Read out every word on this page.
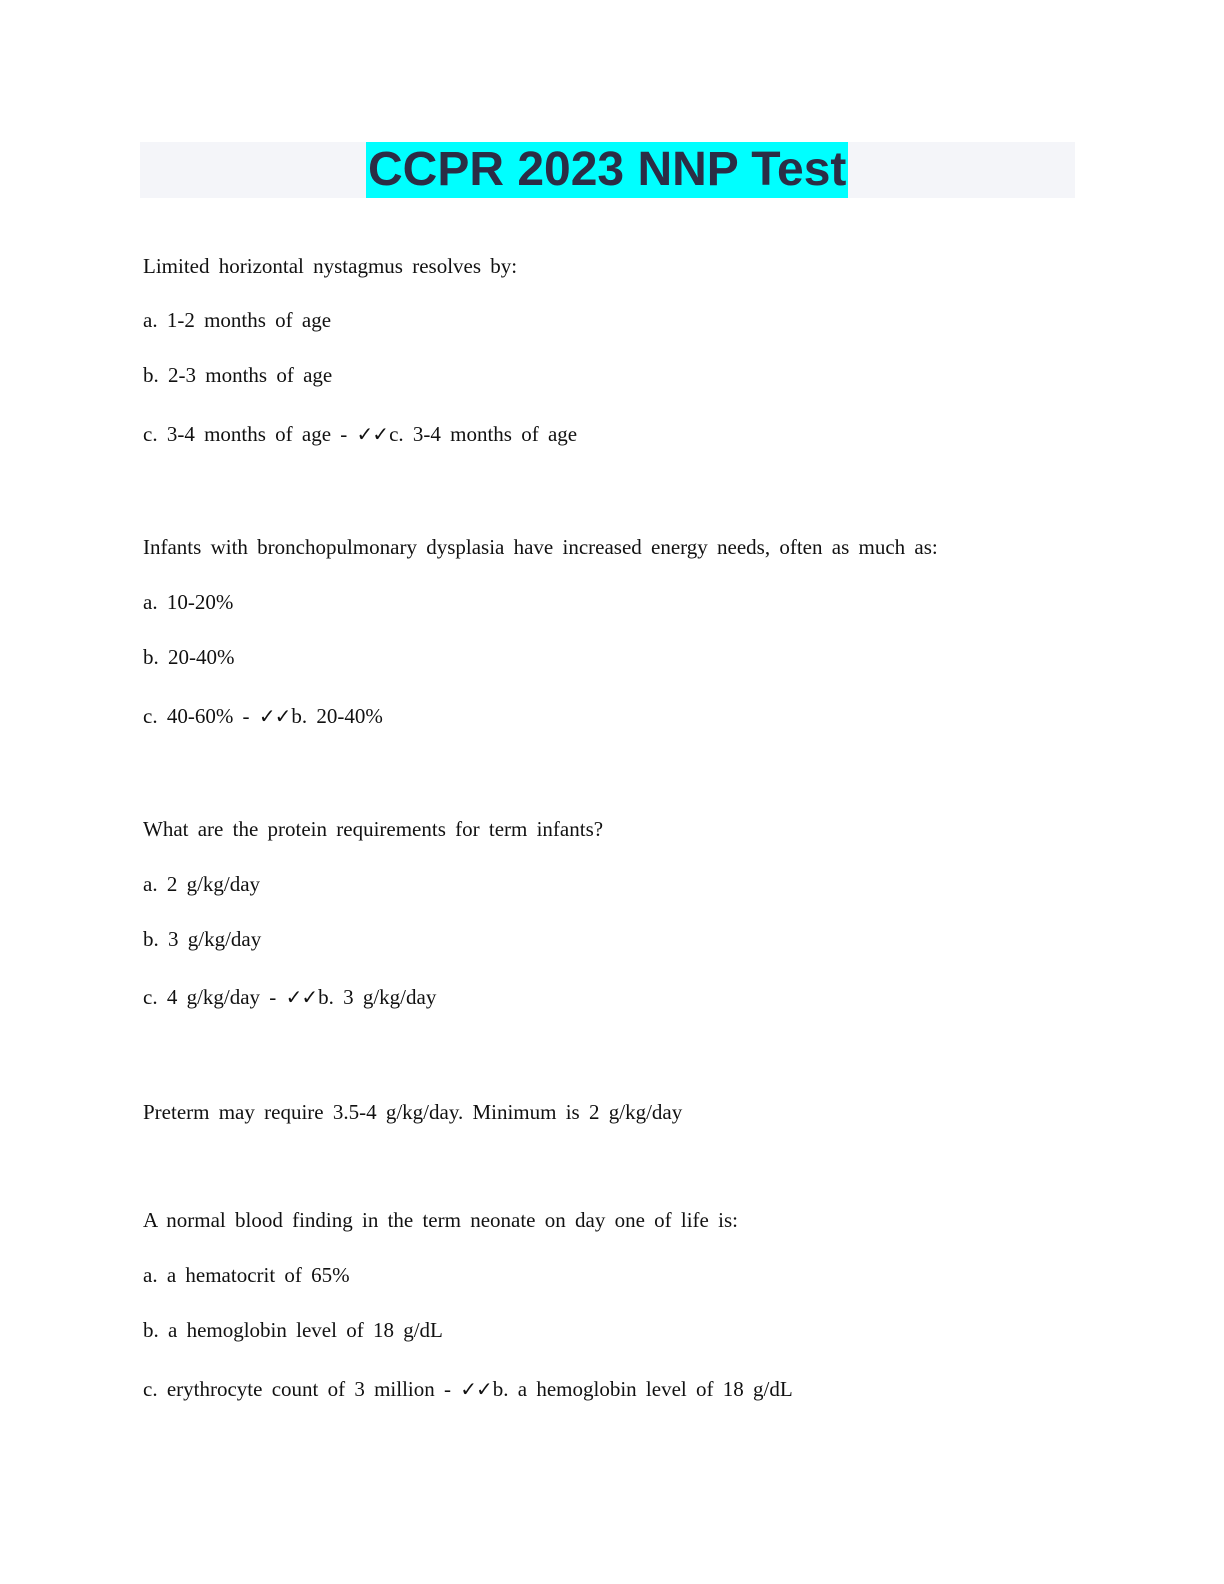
CCPR 2023 NNP Test
Limited horizontal nystagmus resolves by:
a. 1-2 months of age
b. 2-3 months of age
c. 3-4 months of age - ✓✓c. 3-4 months of age
Infants with bronchopulmonary dysplasia have increased energy needs, often as much as:
a. 10-20%
b. 20-40%
c. 40-60% - ✓✓b. 20-40%
What are the protein requirements for term infants?
a. 2 g/kg/day
b. 3 g/kg/day
c. 4 g/kg/day - ✓✓b. 3 g/kg/day
Preterm may require 3.5-4 g/kg/day. Minimum is 2 g/kg/day
A normal blood finding in the term neonate on day one of life is:
a. a hematocrit of 65%
b. a hemoglobin level of 18 g/dL
c. erythrocyte count of 3 million - ✓✓b. a hemoglobin level of 18 g/dL
